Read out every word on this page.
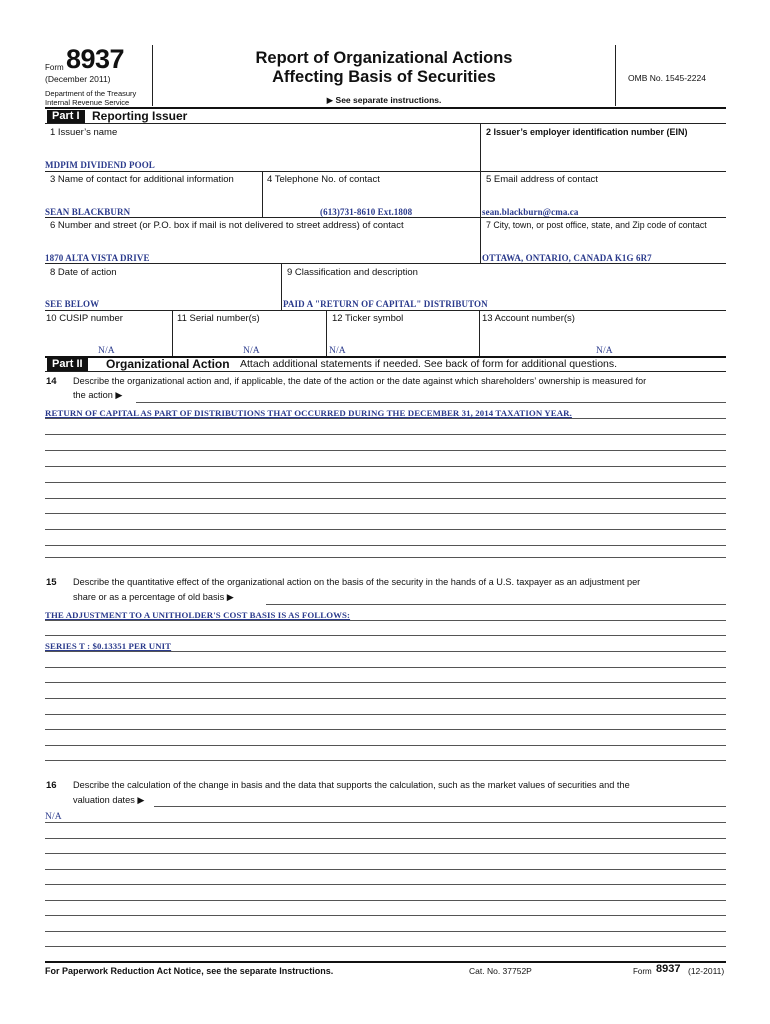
Form 8937
(December 2011)
Department of the Treasury
Internal Revenue Service
Report of Organizational Actions
Affecting Basis of Securities
▶ See separate instructions.
OMB No. 1545-2224
Part I	Reporting Issuer
1 Issuer’s name	2 Issuer’s employer identification number (EIN)
MDPIM DIVIDEND POOL
3 Name of contact for additional information	4 Telephone No. of contact	5 Email address of contact
SEAN BLACKBURN	(613)731-8610 Ext.1808	sean.blackburn@cma.ca
6 Number and street (or P.O. box if mail is not delivered to street address) of contact	7 City, town, or post office, state, and Zip code of contact
1870 ALTA VISTA DRIVE	OTTAWA, ONTARIO, CANADA K1G 6R7
8 Date of action	9 Classification and description
SEE BELOW	PAID A "RETURN OF CAPITAL" DISTRIBUTON
10 CUSIP number	11 Serial number(s)	12 Ticker symbol	13 Account number(s)
N/A	N/A	N/A	N/A
Part II	Organizational Action Attach additional statements if needed. See back of form for additional questions.
14 Describe the organizational action and, if applicable, the date of the action or the date against which shareholders’ ownership is measured for
the action ▶
RETURN OF CAPITAL AS PART OF DISTRIBUTIONS THAT OCCURRED DURING THE DECEMBER 31, 2014 TAXATION YEAR.
15 Describe the quantitative effect of the organizational action on the basis of the security in the hands of a U.S. taxpayer as an adjustment per
share or as a percentage of old basis ▶
THE ADJUSTMENT TO A UNITHOLDER'S COST BASIS IS AS FOLLOWS:
SERIES T : $0.13351 PER UNIT
16 Describe the calculation of the change in basis and the data that supports the calculation, such as the market values of securities and the
valuation dates ▶
N/A
For Paperwork Reduction Act Notice, see the separate Instructions.	Cat. No. 37752P	Form 8937 (12-2011)
